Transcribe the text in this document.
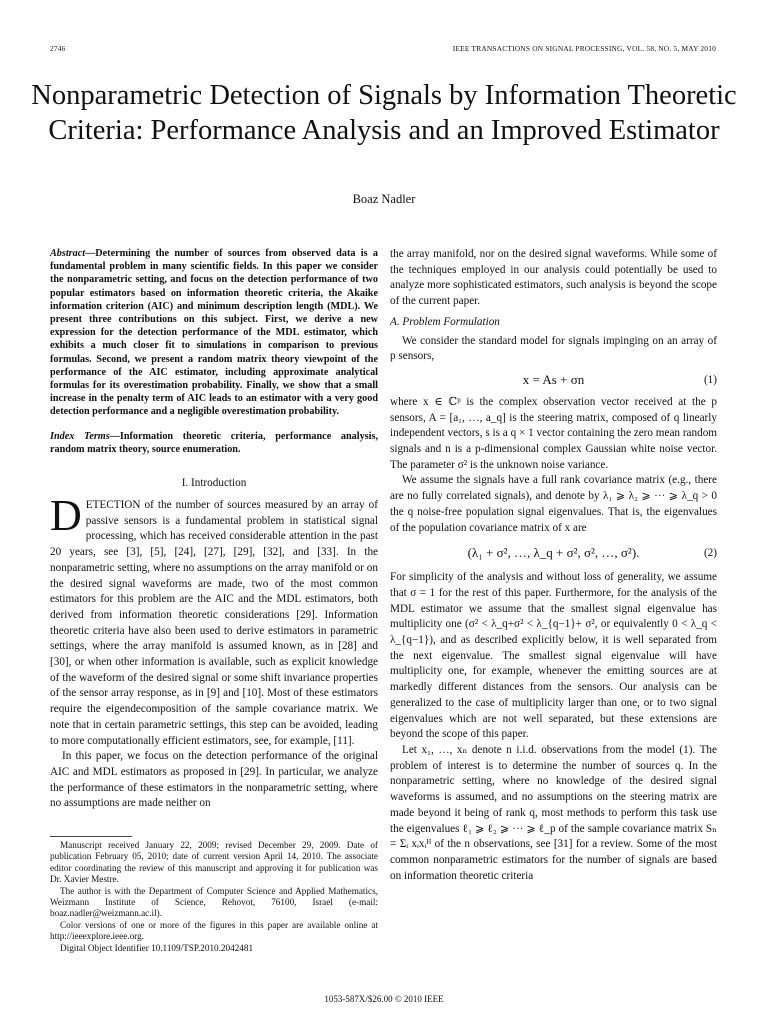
2746	IEEE TRANSACTIONS ON SIGNAL PROCESSING, VOL. 58, NO. 5, MAY 2010
Nonparametric Detection of Signals by Information Theoretic Criteria: Performance Analysis and an Improved Estimator
Boaz Nadler
Abstract—Determining the number of sources from observed data is a fundamental problem in many scientific fields. In this paper we consider the nonparametric setting, and focus on the detection performance of two popular estimators based on information theoretic criteria, the Akaike information criterion (AIC) and minimum description length (MDL). We present three contributions on this subject. First, we derive a new expression for the detection performance of the MDL estimator, which exhibits a much closer fit to simulations in comparison to previous formulas. Second, we present a random matrix theory viewpoint of the performance of the AIC estimator, including approximate analytical formulas for its overestimation probability. Finally, we show that a small increase in the penalty term of AIC leads to an estimator with a very good detection performance and a negligible overestimation probability.
Index Terms—Information theoretic criteria, performance analysis, random matrix theory, source enumeration.
I. Introduction

DETECTION of the number of sources measured by an array of passive sensors is a fundamental problem in statistical signal processing, which has received considerable attention in the past 20 years, see [3], [5], [24], [27], [29], [32], and [33]. In the nonparametric setting, where no assumptions on the array manifold or on the desired signal waveforms are made, two of the most common estimators for this problem are the AIC and the MDL estimators, both derived from information theoretic considerations [29]. Information theoretic criteria have also been used to derive estimators in parametric settings, where the array manifold is assumed known, as in [28] and [30], or when other information is available, such as explicit knowledge of the waveform of the desired signal or some shift invariance properties of the sensor array response, as in [9] and [10]. Most of these estimators require the eigendecomposition of the sample covariance matrix. We note that in certain parametric settings, this step can be avoided, leading to more computationally efficient estimators, see, for example, [11].

In this paper, we focus on the detection performance of the original AIC and MDL estimators as proposed in [29]. In particular, we analyze the performance of these estimators in the nonparametric setting, where no assumptions are made neither on

Manuscript received January 22, 2009; revised December 29, 2009. Date of publication February 05, 2010; date of current version April 14, 2010. The associate editor coordinating the review of this manuscript and approving it for publication was Dr. Xavier Mestre.

The author is with the Department of Computer Science and Applied Mathematics, Weizmann Institute of Science, Rehovot, 76100, Israel (e-mail: boaz.nadler@weizmann.ac.il).

Color versions of one or more of the figures in this paper are available online at http://ieeexplore.ieee.org.

Digital Object Identifier 10.1109/TSP.2010.2042481

the array manifold, nor on the desired signal waveforms. While some of the techniques employed in our analysis could potentially be used to analyze more sophisticated estimators, such analysis is beyond the scope of the current paper.

A. Problem Formulation

We consider the standard model for signals impinging on an array of p sensors,

x = As + σn	(1)

where x ∈ ℂᵖ is the complex observation vector received at the p sensors, A = [a₁, …, a_q] is the steering matrix, composed of q linearly independent vectors, s is a q × 1 vector containing the zero mean random signals and n is a p-dimensional complex Gaussian white noise vector. The parameter σ² is the unknown noise variance.

We assume the signals have a full rank covariance matrix (e.g., there are no fully correlated signals), and denote by λ₁ ⩾ λ₂ ⩾ ··· ⩾ λ_q > 0 the q noise-free population signal eigenvalues. That is, the eigenvalues of the population covariance matrix of x are

(λ₁ + σ², …, λ_q + σ², σ², …, σ²).	(2)

For simplicity of the analysis and without loss of generality, we assume that σ = 1 for the rest of this paper. Furthermore, for the analysis of the MDL estimator we assume that the smallest signal eigenvalue has multiplicity one (σ² < λ_q+σ² < λ_{q−1}+ σ², or equivalently 0 < λ_q < λ_{q−1}), and as described explicitly below, it is well separated from the next eigenvalue. The smallest signal eigenvalue will have multiplicity one, for example, whenever the emitting sources are at markedly different distances from the sensors. Our analysis can be generalized to the case of multiplicity larger than one, or to two signal eigenvalues which are not well separated, but these extensions are beyond the scope of this paper.

Let x₁, …, xₙ denote n i.i.d. observations from the model (1). The problem of interest is to determine the number of sources q. In the nonparametric setting, where no knowledge of the desired signal waveforms is assumed, and no assumptions on the steering matrix are made beyond it being of rank q, most methods to perform this task use the eigenvalues ℓ₁ ⩾ ℓ₂ ⩾ ··· ⩾ ℓ_p of the sample covariance matrix Sₙ = Σᵢ xᵢxᵢᴴ of the n observations, see [31] for a review. Some of the most common nonparametric estimators for the number of signals are based on information theoretic criteria

1053-587X/$26.00 © 2010 IEEE
